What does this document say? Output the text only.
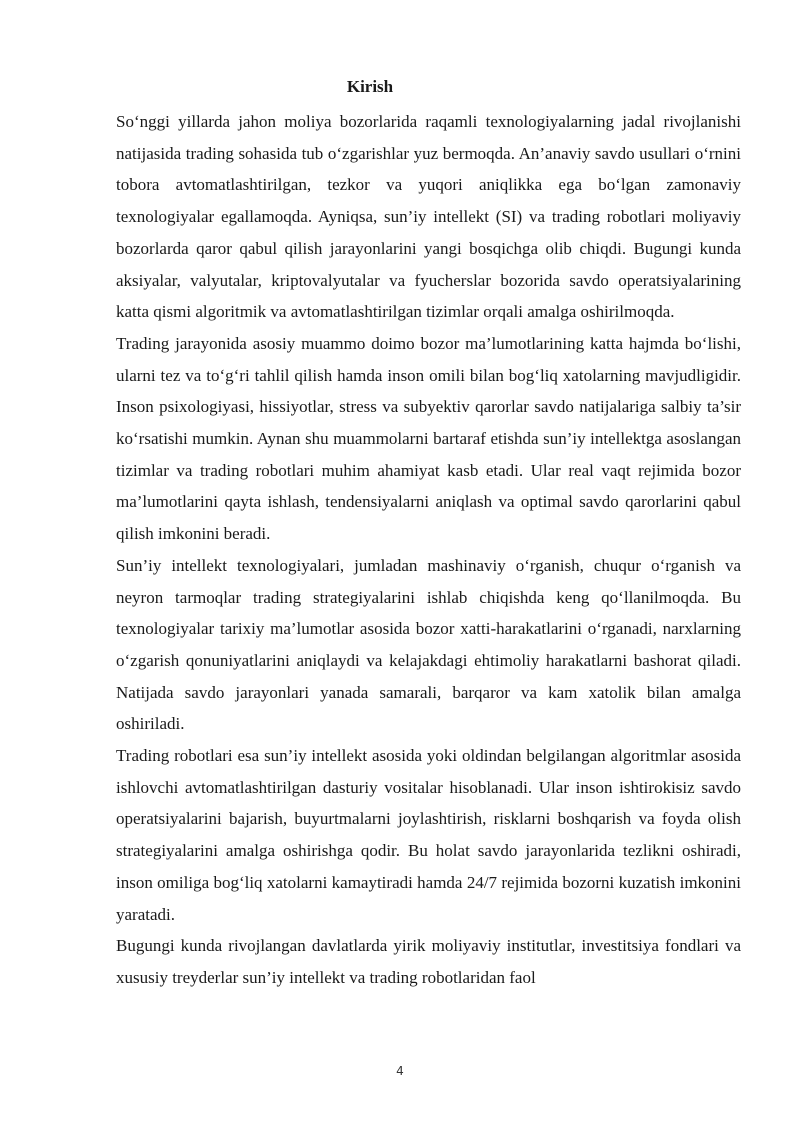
Kirish

So‘nggi yillarda jahon moliya bozorlarida raqamli texnologiyalarning jadal rivojlanishi natijasida trading sohasida tub o‘zgarishlar yuz bermoqda. An’anaviy savdo usullari o‘rnini tobora avtomatlashtirilgan, tezkor va yuqori aniqlikka ega bo‘lgan zamonaviy texnologiyalar egallamoqda. Ayniqsa, sun’iy intellekt (SI) va trading robotlari moliyaviy bozorlarda qaror qabul qilish jarayonlarini yangi bosqichga olib chiqdi. Bugungi kunda aksiyalar, valyutalar, kriptovalyutalar va fyucherslar bozorida savdo operatsiyalarining katta qismi algoritmik va avtomatlashtirilgan tizimlar orqali amalga oshirilmoqda.

Trading jarayonida asosiy muammo doimo bozor ma’lumotlarining katta hajmda bo‘lishi, ularni tez va to‘g‘ri tahlil qilish hamda inson omili bilan bog‘liq xatolarning mavjudligidir. Inson psixologiyasi, hissiyotlar, stress va subyektiv qarorlar savdo natijalariga salbiy ta’sir ko‘rsatishi mumkin. Aynan shu muammolarni bartaraf etishda sun’iy intellektga asoslangan tizimlar va trading robotlari muhim ahamiyat kasb etadi. Ular real vaqt rejimida bozor ma’lumotlarini qayta ishlash, tendensiyalarni aniqlash va optimal savdo qarorlarini qabul qilish imkonini beradi.

Sun’iy intellekt texnologiyalari, jumladan mashinaviy o‘rganish, chuqur o‘rganish va neyron tarmoqlar trading strategiyalarini ishlab chiqishda keng qo‘llanilmoqda. Bu texnologiyalar tarixiy ma’lumotlar asosida bozor xatti-harakatlarini o‘rganadi, narxlarning o‘zgarish qonuniyatlarini aniqlaydi va kelajakdagi ehtimoliy harakatlarni bashorat qiladi. Natijada savdo jarayonlari yanada samarali, barqaror va kam xatolik bilan amalga oshiriladi.

Trading robotlari esa sun’iy intellekt asosida yoki oldindan belgilangan algoritmlar asosida ishlovchi avtomatlashtirilgan dasturiy vositalar hisoblanadi. Ular inson ishtirokisiz savdo operatsiyalarini bajarish, buyurtmalarni joylashtirish, risklarni boshqarish va foyda olish strategiyalarini amalga oshirishga qodir. Bu holat savdo jarayonlarida tezlikni oshiradi, inson omiliga bog‘liq xatolarni kamaytiradi hamda 24/7 rejimida bozorni kuzatish imkonini yaratadi.

Bugungi kunda rivojlangan davlatlarda yirik moliyaviy institutlar, investitsiya fondlari va xususiy treyderlar sun’iy intellekt va trading robotlaridan faol

4
